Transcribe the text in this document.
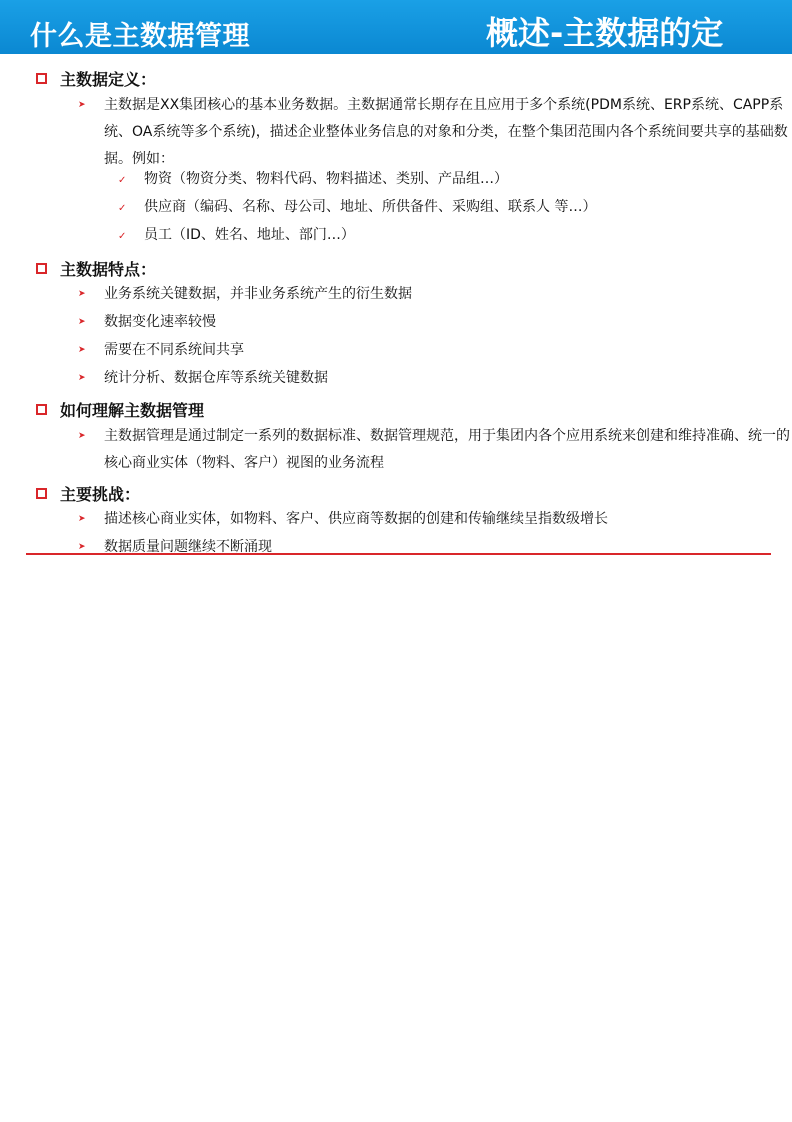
什么是主数据管理	概述-主数据的定
主数据定义：
➤	主数据是XX集团核心的基本业务数据。主数据通常长期存在且应用于多个系统(PDM系统、ERP系统、CAPP系统、OA系统等多个系统)，描述企业整体业务信息的对象和分类，在整个集团范围内各个系统间要共享的基础数据。例如：
✓ 物资（物资分类、物料代码、物料描述、类别、产品组…）
✓ 供应商（编码、名称、母公司、地址、所供备件、采购组、联系人 等…）
✓ 员工（ID、姓名、地址、部门…）
主数据特点：
➤	业务系统关键数据，并非业务系统产生的衍生数据
➤	数据变化速率较慢
➤	需要在不同系统间共享
➤	统计分析、数据仓库等系统关键数据
如何理解主数据管理
➤	主数据管理是通过制定一系列的数据标准、数据管理规范，用于集团内各个应用系统来创建和维持准确、统一的核心商业实体（物料、客户）视图的业务流程
主要挑战：
➤	描述核心商业实体，如物料、客户、供应商等数据的创建和传输继续呈指数级增长
➤	数据质量问题继续不断涌现
